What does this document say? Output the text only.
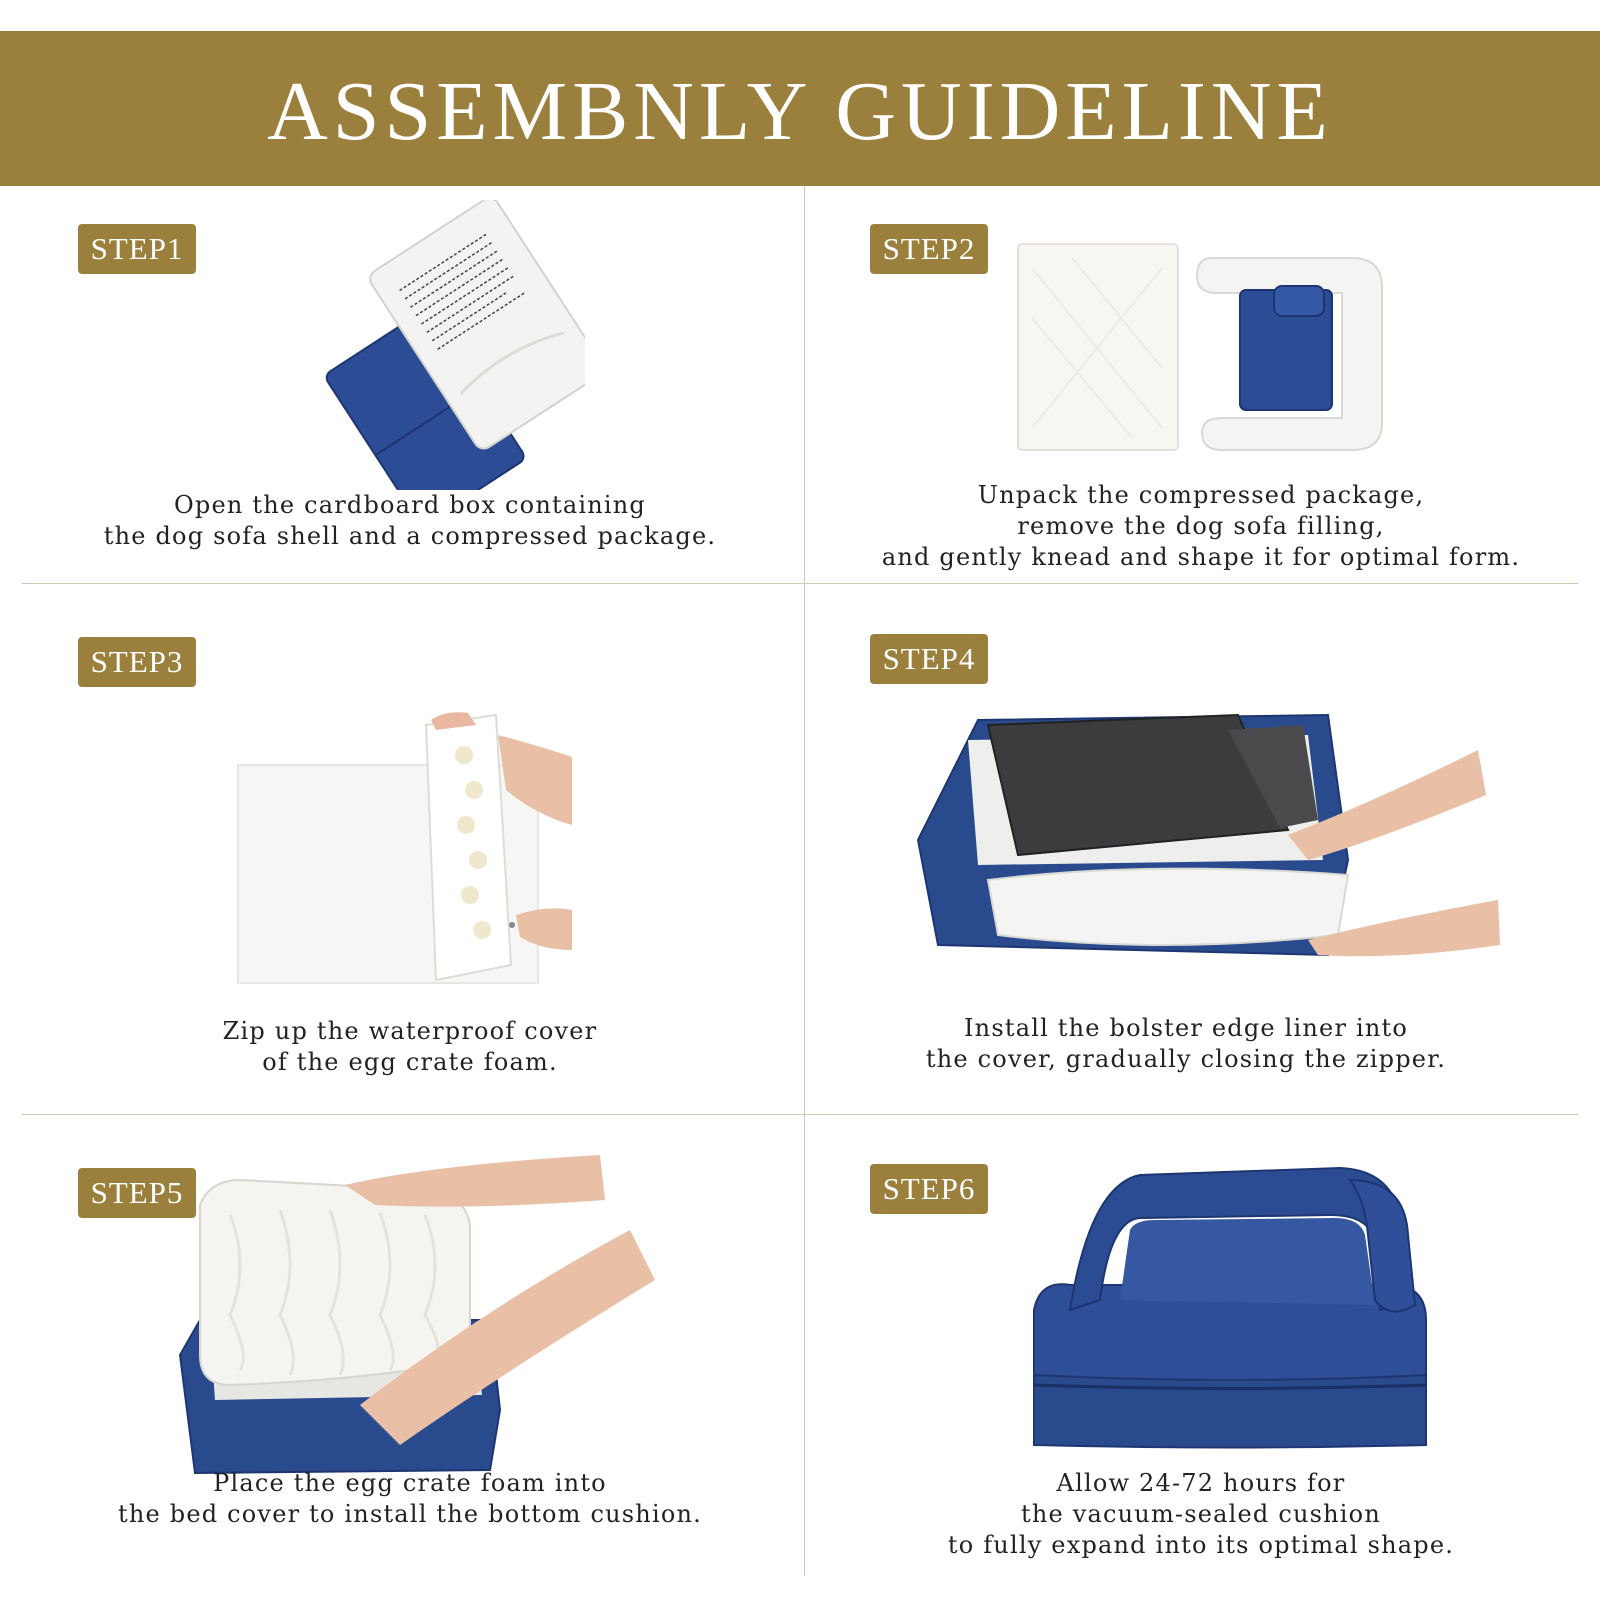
ASSEMBNLY GUIDELINE
STEP1
Open the cardboard box containing
the dog sofa shell and a compressed package.
STEP2
Unpack the compressed package,
remove the dog sofa filling,
and gently knead and shape it for optimal form.
STEP3
Zip up the waterproof cover
of the egg crate foam.
STEP4
Install the bolster edge liner into
the cover, gradually closing the zipper.
STEP5
Place the egg crate foam into
the bed cover to install the bottom cushion.
STEP6
Allow 24-72 hours for
the vacuum-sealed cushion
to fully expand into its optimal shape.
